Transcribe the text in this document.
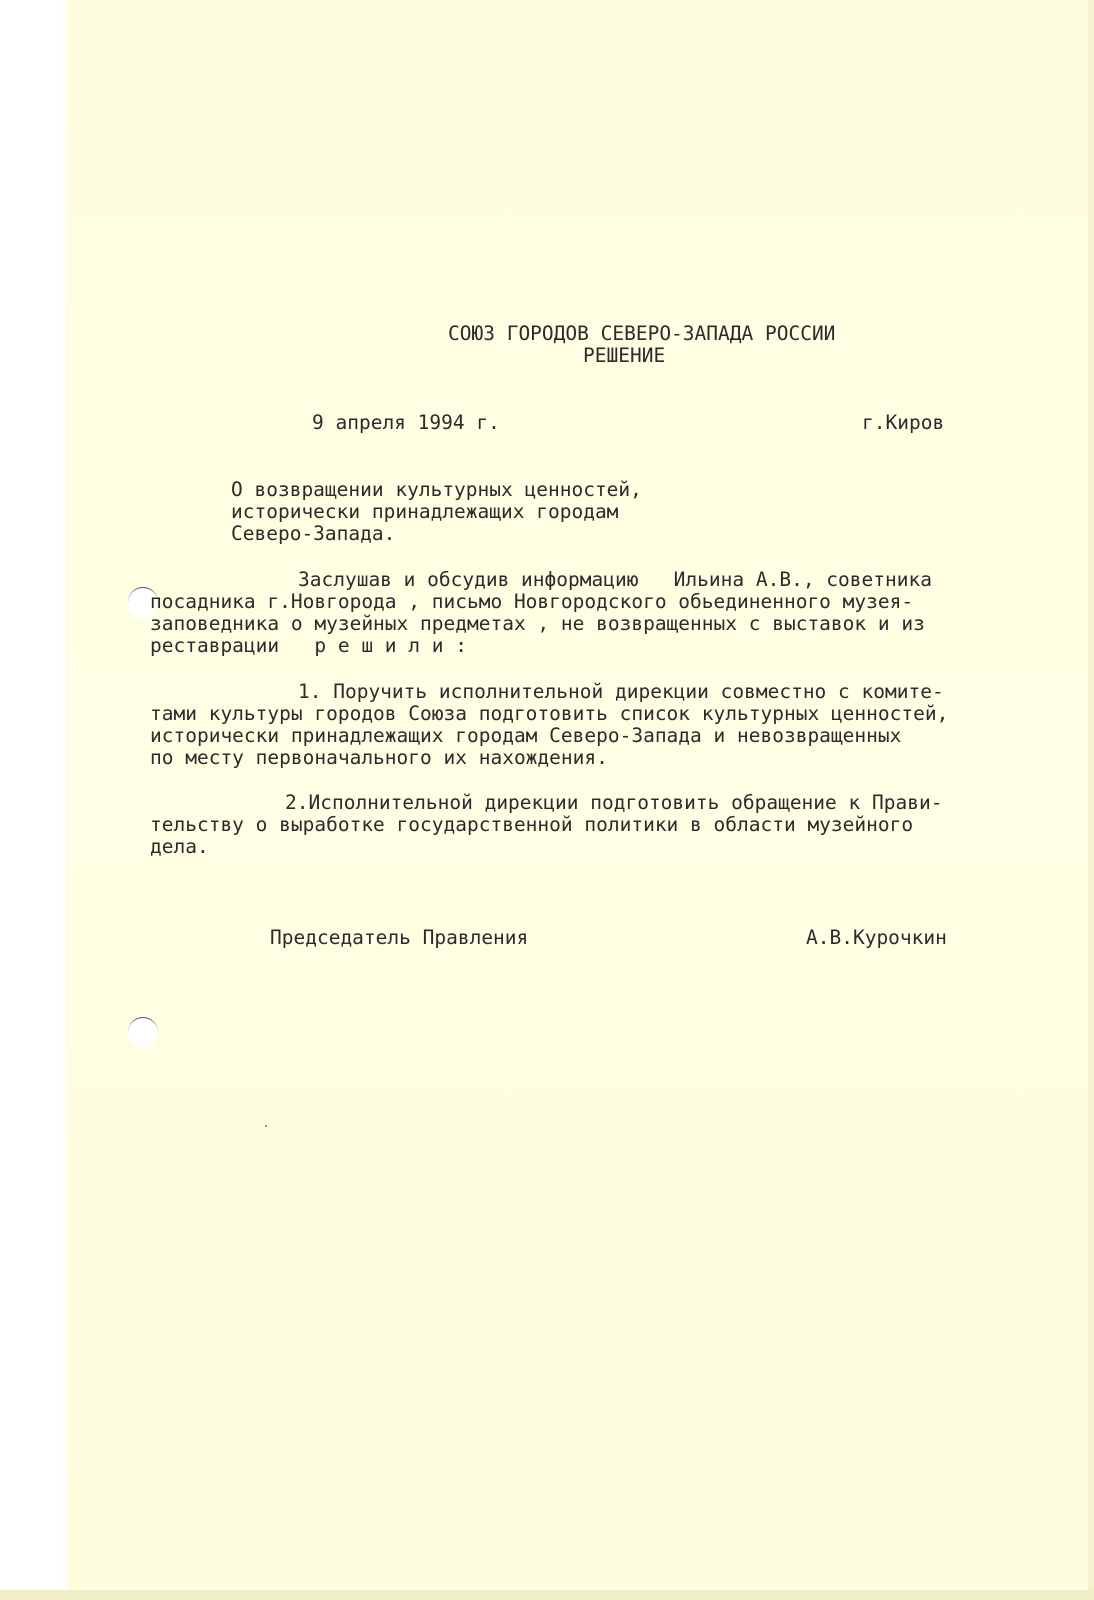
СОЮЗ ГОРОДОВ СЕВЕРО-ЗАПАДА РОССИИ

РЕШЕНИЕ

9 апреля 1994 г.	г.Киров

О возвращении культурных ценностей,

исторически принадлежащих городам

Северо-Запада.

Заслушав и обсудив информацию   Ильина А.В., советника

посадника г.Новгорода , письмо Новгородского обьединенного музея-

заповедника о музейных предметах , не возвращенных с выставок и из

реставрации   р е ш и л и :

1. Поручить исполнительной дирекции совместно с комите-

тами культуры городов Союза подготовить список культурных ценностей,

исторически принадлежащих городам Северо-Запада и невозвращенных

по месту первоначального их нахождения.

2.Исполнительной дирекции подготовить обращение к Прави-

тельству о выработке государственной политики в области музейного

дела.

Председатель Правления	А.В.Курочкин
